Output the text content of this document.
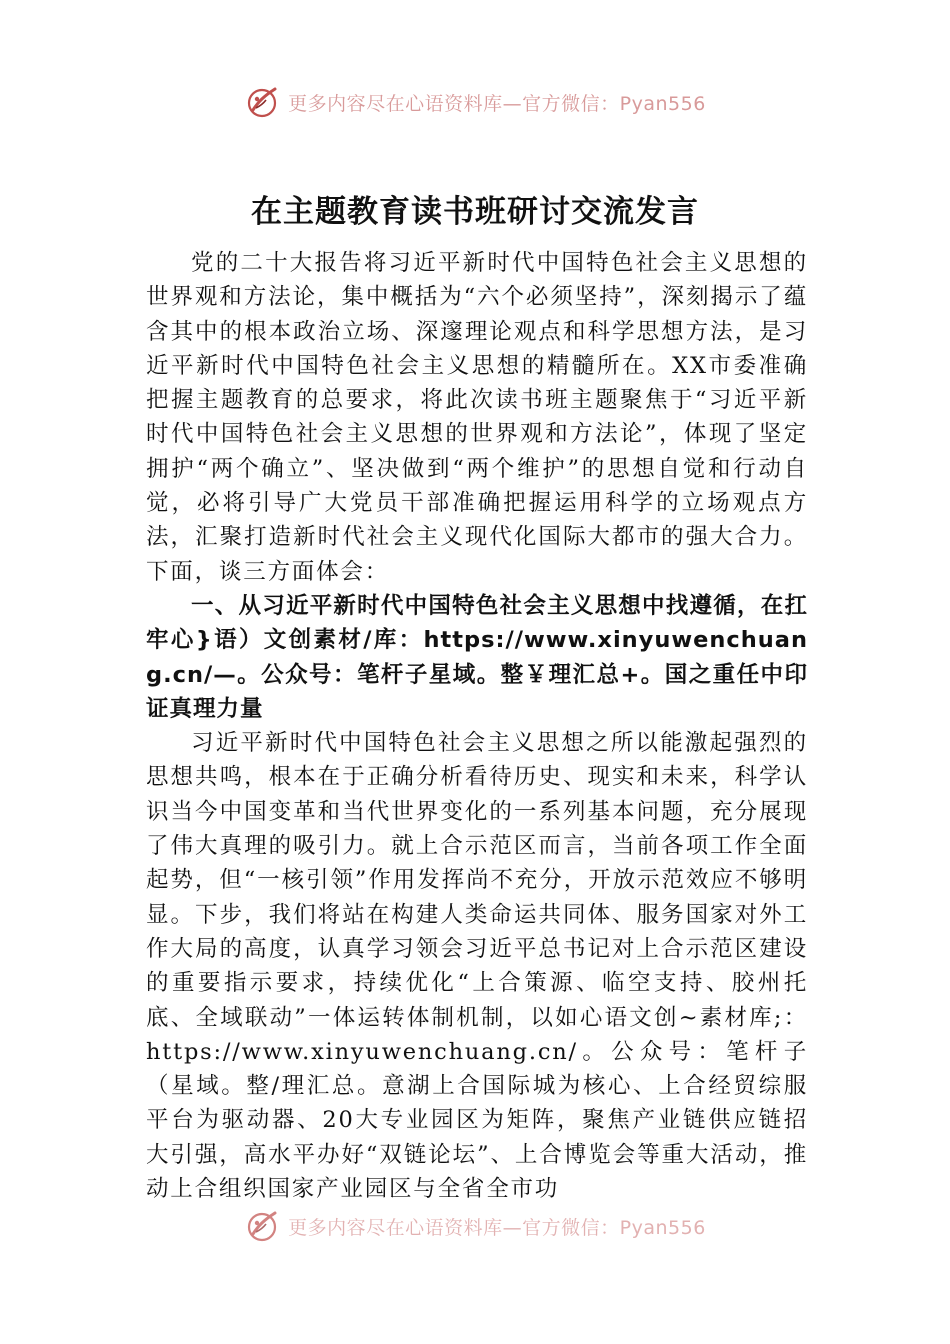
更多内容尽在心语资料库—官方微信：Pyan556
在主题教育读书班研讨交流发言

党的二十大报告将习近平新时代中国特色社会主义思想的世界观和方法论，集中概括为“六个必须坚持”，深刻揭示了蕴含其中的根本政治立场、深邃理论观点和科学思想方法，是习近平新时代中国特色社会主义思想的精髓所在。XX市委准确把握主题教育的总要求，将此次读书班主题聚焦于“习近平新时代中国特色社会主义思想的世界观和方法论”，体现了坚定拥护“两个确立”、坚决做到“两个维护”的思想自觉和行动自觉，必将引导广大党员干部准确把握运用科学的立场观点方法，汇聚打造新时代社会主义现代化国际大都市的强大合力。下面，谈三方面体会：

一、从习近平新时代中国特色社会主义思想中找遵循，在扛牢心}语）文创素材/库：https://www.xinyuwenchuang.cn/—。公众号：笔杆子星域。整￥理汇总+。国之重任中印证真理力量

习近平新时代中国特色社会主义思想之所以能激起强烈的思想共鸣，根本在于正确分析看待历史、现实和未来，科学认识当今中国变革和当代世界变化的一系列基本问题，充分展现了伟大真理的吸引力。就上合示范区而言，当前各项工作全面起势，但“一核引领”作用发挥尚不充分，开放示范效应不够明显。下步，我们将站在构建人类命运共同体、服务国家对外工作大局的高度，认真学习领会习近平总书记对上合示范区建设的重要指示要求，持续优化“上合策源、临空支持、胶州托底、全域联动”一体运转体制机制，以如心语文创~素材库;：https://www.xinyuwenchuang.cn/。公众号：笔杆子（星域。整/理汇总。意湖上合国际城为核心、上合经贸综服平台为驱动器、20大专业园区为矩阵，聚焦产业链供应链招大引强，高水平办好“双链论坛”、上合博览会等重大活动，推动上合组织国家产业园区与全省全市功

更多内容尽在心语资料库—官方微信：Pyan556
